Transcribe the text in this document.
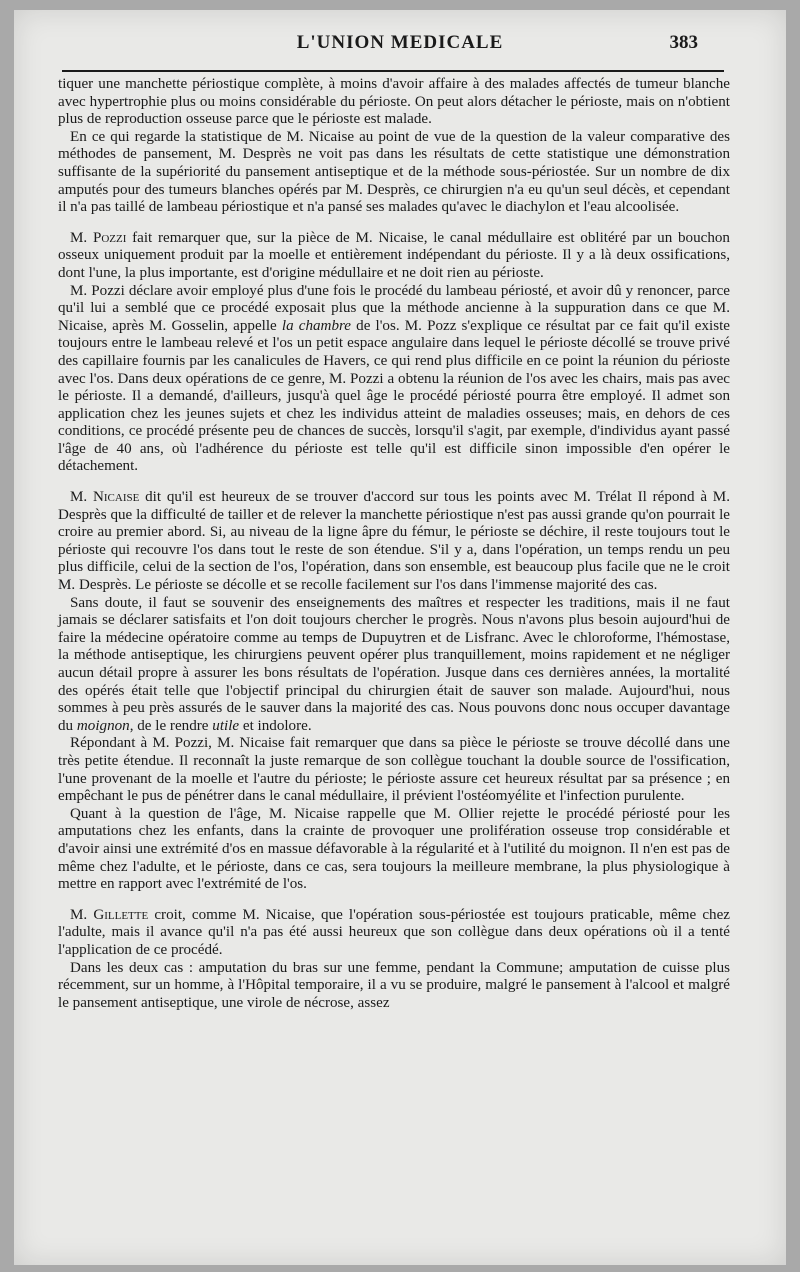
L'UNION MEDICALE	383

tiquer une manchette périostique complète, à moins d'avoir affaire à des malades affectés de tumeur blanche avec hypertrophie plus ou moins considérable du périoste. On peut alors détacher le périoste, mais on n'obtient plus de reproduction osseuse parce que le périoste est malade.

En ce qui regarde la statistique de M. Nicaise au point de vue de la question de la valeur comparative des méthodes de pansement, M. Desprès ne voit pas dans les résultats de cette statistique une démonstration suffisante de la supériorité du pansement antiseptique et de la méthode sous-périostée. Sur un nombre de dix amputés pour des tumeurs blanches opérés par M. Desprès, ce chirurgien n'a eu qu'un seul décès, et cependant il n'a pas taillé de lambeau périostique et n'a pansé ses malades qu'avec le diachylon et l'eau alcoolisée.

M. Pozzi fait remarquer que, sur la pièce de M. Nicaise, le canal médullaire est oblitéré par un bouchon osseux uniquement produit par la moelle et entièrement indépendant du périoste. Il y a là deux ossifications, dont l'une, la plus importante, est d'origine médullaire et ne doit rien au périoste.

M. Pozzi déclare avoir employé plus d'une fois le procédé du lambeau périosté, et avoir dû y renoncer, parce qu'il lui a semblé que ce procédé exposait plus que la méthode ancienne à la suppuration dans ce que M. Nicaise, après M. Gosselin, appelle la chambre de l'os. M. Pozz s'explique ce résultat par ce fait qu'il existe toujours entre le lambeau relevé et l'os un petit espace angulaire dans lequel le périoste décollé se trouve privé des capillaire fournis par les canalicules de Havers, ce qui rend plus difficile en ce point la réunion du périoste avec l'os. Dans deux opérations de ce genre, M. Pozzi a obtenu la réunion de l'os avec les chairs, mais pas avec le périoste. Il a demandé, d'ailleurs, jusqu'à quel âge le procédé périosté pourra être employé. Il admet son application chez les jeunes sujets et chez les individus atteint de maladies osseuses; mais, en dehors de ces conditions, ce procédé présente peu de chances de succès, lorsqu'il s'agit, par exemple, d'individus ayant passé l'âge de 40 ans, où l'adhérence du périoste est telle qu'il est difficile sinon impossible d'en opérer le détachement.

M. Nicaise dit qu'il est heureux de se trouver d'accord sur tous les points avec M. Trélat Il répond à M. Desprès que la difficulté de tailler et de relever la manchette périostique n'est pas aussi grande qu'on pourrait le croire au premier abord. Si, au niveau de la ligne âpre du fémur, le périoste se déchire, il reste toujours tout le périoste qui recouvre l'os dans tout le reste de son étendue. S'il y a, dans l'opération, un temps rendu un peu plus difficile, celui de la section de l'os, l'opération, dans son ensemble, est beaucoup plus facile que ne le croit M. Desprès. Le périoste se décolle et se recolle facilement sur l'os dans l'immense majorité des cas.

Sans doute, il faut se souvenir des enseignements des maîtres et respecter les traditions, mais il ne faut jamais se déclarer satisfaits et l'on doit toujours chercher le progrès. Nous n'avons plus besoin aujourd'hui de faire la médecine opératoire comme au temps de Dupuytren et de Lisfranc. Avec le chloroforme, l'hémostase, la méthode antiseptique, les chirurgiens peuvent opérer plus tranquillement, moins rapidement et ne négliger aucun détail propre à assurer les bons résultats de l'opération. Jusque dans ces dernières années, la mortalité des opérés était telle que l'objectif principal du chirurgien était de sauver son malade. Aujourd'hui, nous sommes à peu près assurés de le sauver dans la majorité des cas. Nous pouvons donc nous occuper davantage du moignon, de le rendre utile et indolore.

Répondant à M. Pozzi, M. Nicaise fait remarquer que dans sa pièce le périoste se trouve décollé dans une très petite étendue. Il reconnaît la juste remarque de son collègue touchant la double source de l'ossification, l'une provenant de la moelle et l'autre du périoste; le périoste assure cet heureux résultat par sa présence ; en empêchant le pus de pénétrer dans le canal médullaire, il prévient l'ostéomyélite et l'infection purulente.

Quant à la question de l'âge, M. Nicaise rappelle que M. Ollier rejette le procédé périosté pour les amputations chez les enfants, dans la crainte de provoquer une prolifération osseuse trop considérable et d'avoir ainsi une extrémité d'os en massue défavorable à la régularité et à l'utilité du moignon. Il n'en est pas de même chez l'adulte, et le périoste, dans ce cas, sera toujours la meilleure membrane, la plus physiologique à mettre en rapport avec l'extrémité de l'os.

M. Gillette croit, comme M. Nicaise, que l'opération sous-périostée est toujours praticable, même chez l'adulte, mais il avance qu'il n'a pas été aussi heureux que son collègue dans deux opérations où il a tenté l'application de ce procédé.

Dans les deux cas : amputation du bras sur une femme, pendant la Commune; amputation de cuisse plus récemment, sur un homme, à l'Hôpital temporaire, il a vu se produire, malgré le pansement à l'alcool et malgré le pansement antiseptique, une virole de nécrose, assez
